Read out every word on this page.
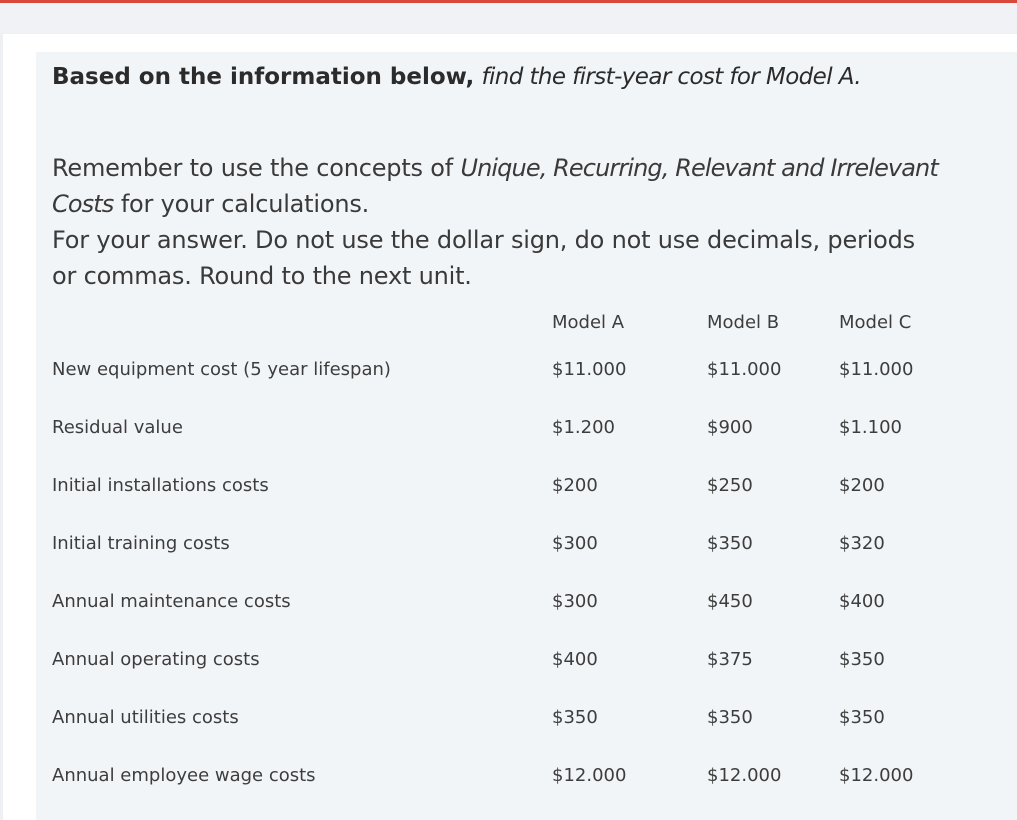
Based on the information below, find the first-year cost for Model A.
Remember to use the concepts of Unique, Recurring, Relevant and Irrelevant
Costs for your calculations.
For your answer. Do not use the dollar sign, do not use decimals, periods
or commas. Round to the next unit.
	Model A	Model B	Model C
New equipment cost (5 year lifespan)	$11.000	$11.000	$11.000
Residual value	$1.200	$900	$1.100
Initial installations costs	$200	$250	$200
Initial training costs	$300	$350	$320
Annual maintenance costs	$300	$450	$400
Annual operating costs	$400	$375	$350
Annual utilities costs	$350	$350	$350
Annual employee wage costs	$12.000	$12.000	$12.000
